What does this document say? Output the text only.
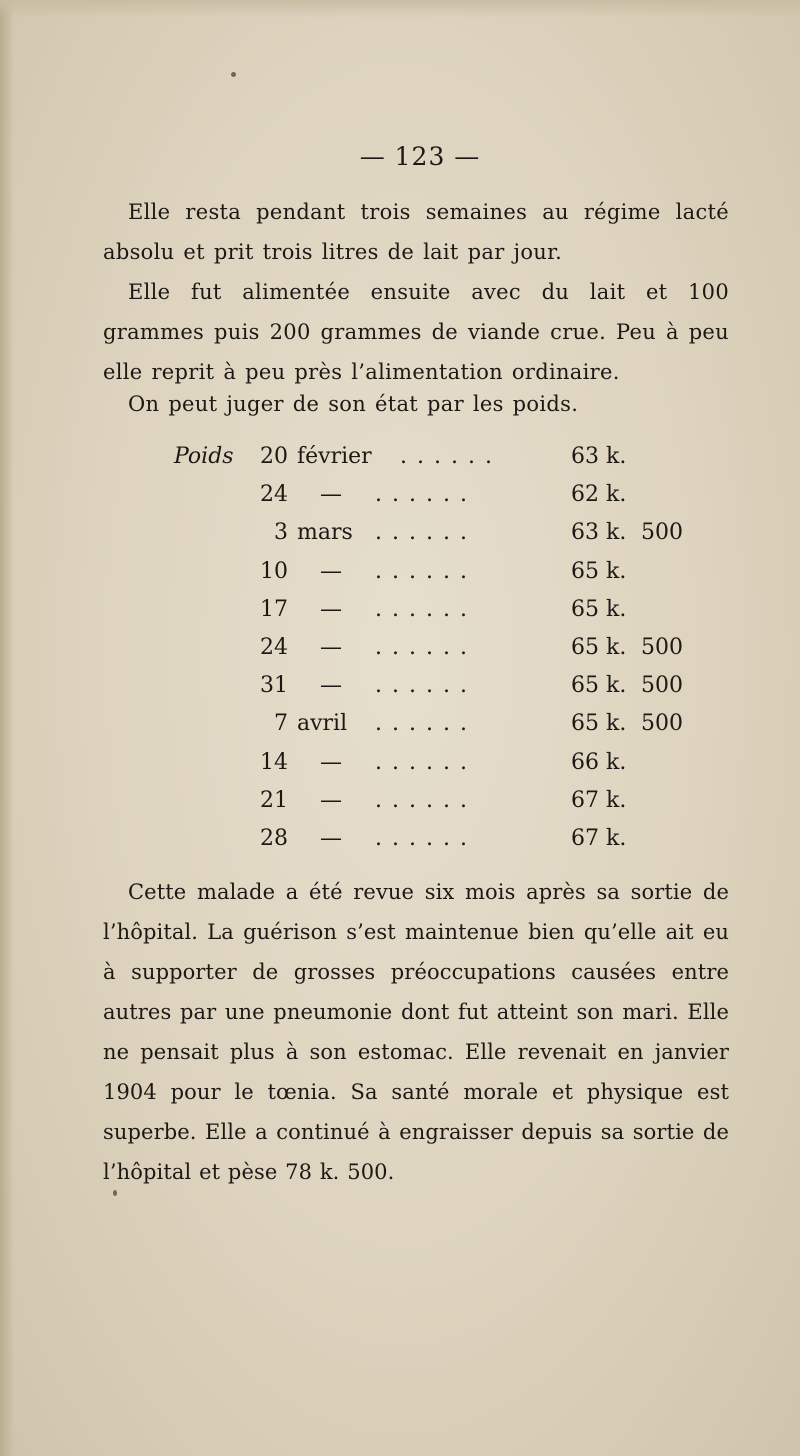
— 123 —

Elle resta pendant trois semaines au régime lacté absolu et prit trois litres de lait par jour.

Elle fut alimentée ensuite avec du lait et 100 grammes puis 200 grammes de viande crue. Peu à peu elle reprit à peu près l’alimentation ordinaire.

On peut juger de son état par les poids.

Poids 20 février ......	63 k.
24 — ......	62 k.
3 mars ......	63 k. 500
10 — ......	65 k.
17 — ......	65 k.
24 — ......	65 k. 500
31 — ......	65 k. 500
7 avril ......	65 k. 500
14 — ......	66 k.
21 — ......	67 k.
28 — ......	67 k.

Cette malade a été revue six mois après sa sortie de l’hôpital. La guérison s’est maintenue bien qu’elle ait eu à supporter de grosses préoccupations causées entre autres par une pneumonie dont fut atteint son mari. Elle ne pensait plus à son estomac. Elle revenait en janvier 1904 pour le tœnia. Sa santé morale et physique est superbe. Elle a continué à engraisser depuis sa sortie de l’hôpital et pèse 78 k. 500.
